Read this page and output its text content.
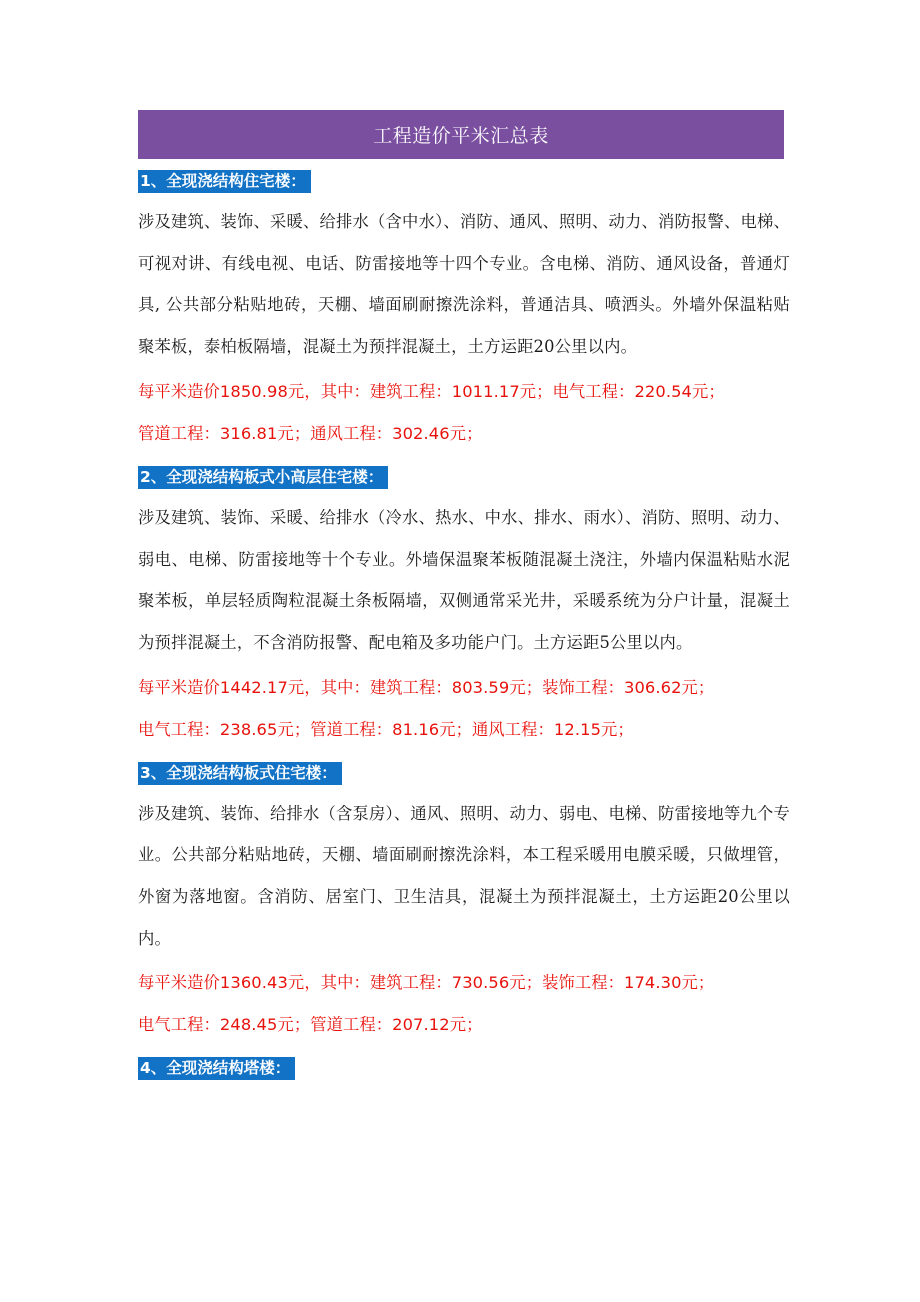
工程造价平米汇总表
1、全现浇结构住宅楼：

涉及建筑、装饰、采暖、给排水（含中水）、消防、通风、照明、动力、消防报警、电梯、可视对讲、有线电视、电话、防雷接地等十四个专业。含电梯、消防、通风设备，普通灯具, 公共部分粘贴地砖，天棚、墙面刷耐擦洗涂料，普通洁具、喷洒头。外墙外保温粘贴聚苯板，泰柏板隔墙，混凝土为预拌混凝土，土方运距20公里以内。

每平米造价1850.98元，其中：建筑工程：1011.17元；电气工程：220.54元；
管道工程：316.81元；通风工程：302.46元；
2、全现浇结构板式小高层住宅楼：

涉及建筑、装饰、采暖、给排水（冷水、热水、中水、排水、雨水）、消防、照明、动力、弱电、电梯、防雷接地等十个专业。外墙保温聚苯板随混凝土浇注，外墙内保温粘贴水泥聚苯板，单层轻质陶粒混凝土条板隔墙，双侧通常采光井，采暖系统为分户计量，混凝土为预拌混凝土，不含消防报警、配电箱及多功能户门。土方运距5公里以内。

每平米造价1442.17元，其中：建筑工程：803.59元；装饰工程：306.62元；
电气工程：238.65元；管道工程：81.16元；通风工程：12.15元；
3、全现浇结构板式住宅楼：

涉及建筑、装饰、给排水（含泵房）、通风、照明、动力、弱电、电梯、防雷接地等九个专业。公共部分粘贴地砖，天棚、墙面刷耐擦洗涂料，本工程采暖用电膜采暖，只做埋管，外窗为落地窗。含消防、居室门、卫生洁具，混凝土为预拌混凝土，土方运距20公里以内。

每平米造价1360.43元，其中：建筑工程：730.56元；装饰工程：174.30元；
电气工程：248.45元；管道工程：207.12元；
4、全现浇结构塔楼：
